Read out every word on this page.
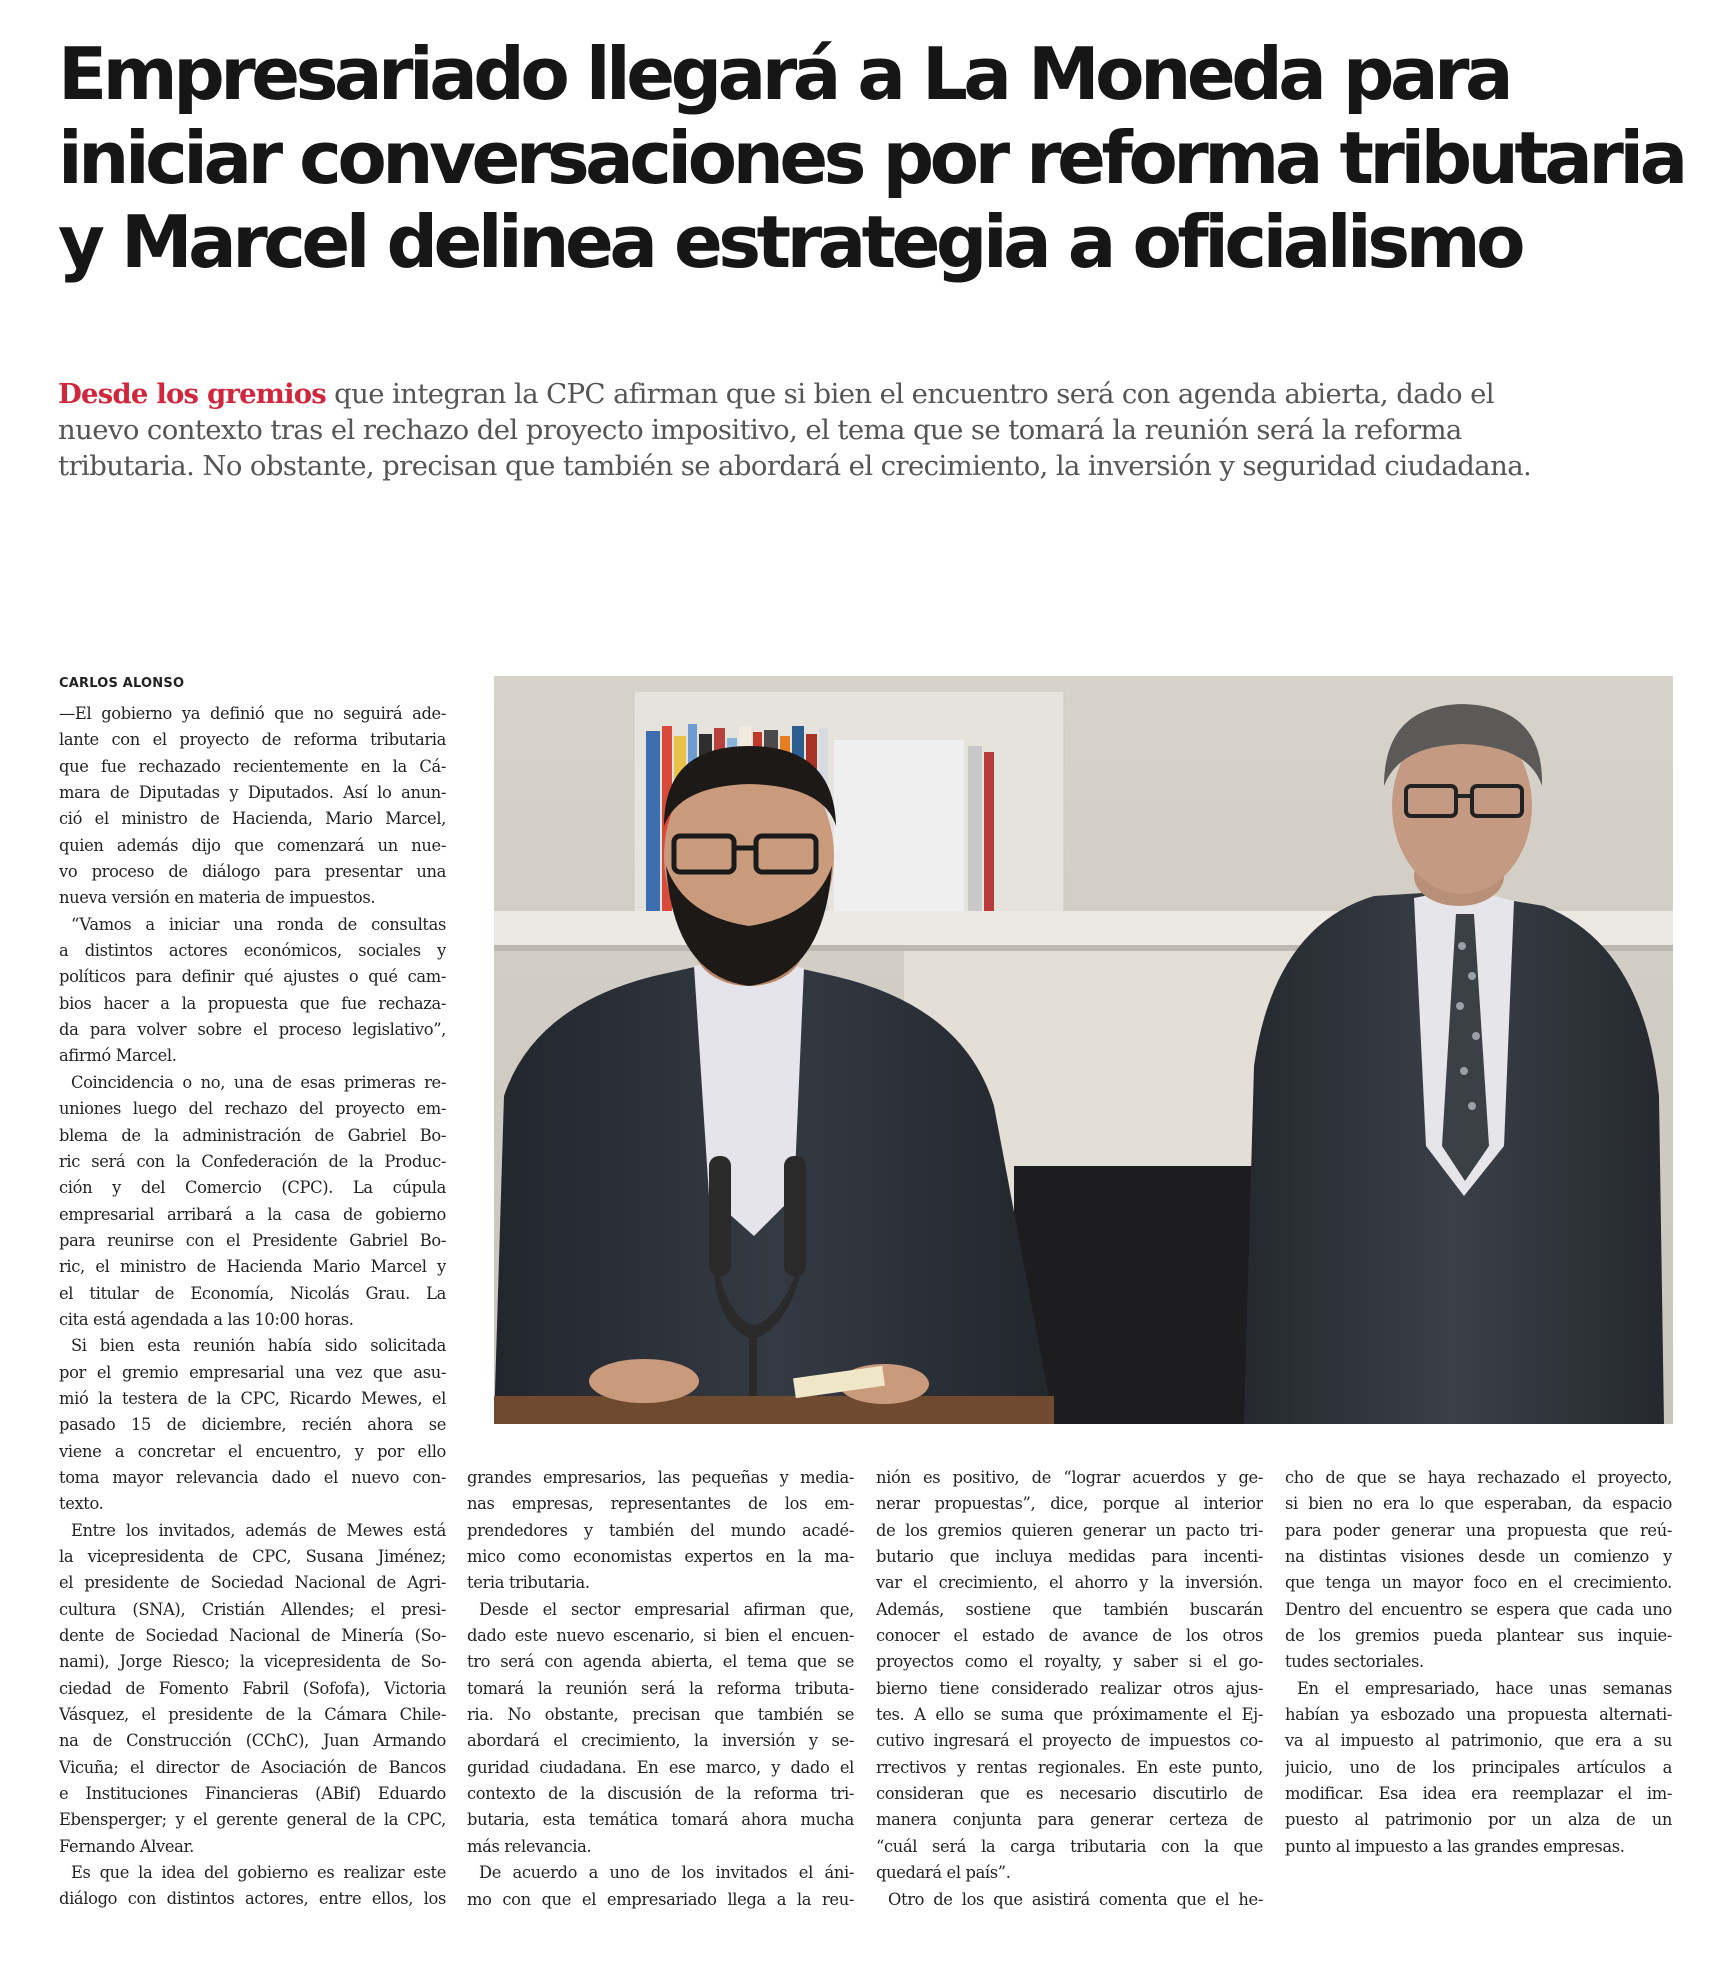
Empresariado llegará a La Moneda para
iniciar conversaciones por reforma tributaria
y Marcel delinea estrategia a oficialismo

Desde los gremios que integran la CPC afirman que si bien el encuentro será con agenda abierta, dado el
nuevo contexto tras el rechazo del proyecto impositivo, el tema que se tomará la reunión será la reforma
tributaria. No obstante, precisan que también se abordará el crecimiento, la inversión y seguridad ciudadana.

CARLOS ALONSO
—El gobierno ya definió que no seguirá ade-
lante con el proyecto de reforma tributaria
que fue rechazado recientemente en la Cá-
mara de Diputadas y Diputados. Así lo anun-
ció el ministro de Hacienda, Mario Marcel,
quien además dijo que comenzará un nue-
vo proceso de diálogo para presentar una
nueva versión en materia de impuestos.
“Vamos a iniciar una ronda de consultas
a distintos actores económicos, sociales y
políticos para definir qué ajustes o qué cam-
bios hacer a la propuesta que fue rechaza-
da para volver sobre el proceso legislativo”,
afirmó Marcel.
Coincidencia o no, una de esas primeras re-
uniones luego del rechazo del proyecto em-
blema de la administración de Gabriel Bo-
ric será con la Confederación de la Produc-
ción y del Comercio (CPC). La cúpula
empresarial arribará a la casa de gobierno
para reunirse con el Presidente Gabriel Bo-
ric, el ministro de Hacienda Mario Marcel y
el titular de Economía, Nicolás Grau. La
cita está agendada a las 10:00 horas.
Si bien esta reunión había sido solicitada
por el gremio empresarial una vez que asu-
mió la testera de la CPC, Ricardo Mewes, el
pasado 15 de diciembre, recién ahora se
viene a concretar el encuentro, y por ello
toma mayor relevancia dado el nuevo con-
texto.
Entre los invitados, además de Mewes está
la vicepresidenta de CPC, Susana Jiménez;
el presidente de Sociedad Nacional de Agri-
cultura (SNA), Cristián Allendes; el presi-
dente de Sociedad Nacional de Minería (So-
nami), Jorge Riesco; la vicepresidenta de So-
ciedad de Fomento Fabril (Sofofa), Victoria
Vásquez, el presidente de la Cámara Chile-
na de Construcción (CChC), Juan Armando
Vicuña; el director de Asociación de Bancos
e Instituciones Financieras (ABif) Eduardo
Ebensperger; y el gerente general de la CPC,
Fernando Alvear.
Es que la idea del gobierno es realizar este
diálogo con distintos actores, entre ellos, los
grandes empresarios, las pequeñas y media-
nas empresas, representantes de los em-
prendedores y también del mundo acadé-
mico como economistas expertos en la ma-
teria tributaria.
Desde el sector empresarial afirman que,
dado este nuevo escenario, si bien el encuen-
tro será con agenda abierta, el tema que se
tomará la reunión será la reforma tributa-
ria. No obstante, precisan que también se
abordará el crecimiento, la inversión y se-
guridad ciudadana. En ese marco, y dado el
contexto de la discusión de la reforma tri-
butaria, esta temática tomará ahora mucha
más relevancia.
De acuerdo a uno de los invitados el áni-
mo con que el empresariado llega a la reu-
nión es positivo, de “lograr acuerdos y ge-
nerar propuestas”, dice, porque al interior
de los gremios quieren generar un pacto tri-
butario que incluya medidas para incenti-
var el crecimiento, el ahorro y la inversión.
Además, sostiene que también buscarán
conocer el estado de avance de los otros
proyectos como el royalty, y saber si el go-
bierno tiene considerado realizar otros ajus-
tes. A ello se suma que próximamente el Ej-
cutivo ingresará el proyecto de impuestos co-
rrectivos y rentas regionales. En este punto,
consideran que es necesario discutirlo de
manera conjunta para generar certeza de
“cuál será la carga tributaria con la que
quedará el país”.
Otro de los que asistirá comenta que el he-
cho de que se haya rechazado el proyecto,
si bien no era lo que esperaban, da espacio
para poder generar una propuesta que reú-
na distintas visiones desde un comienzo y
que tenga un mayor foco en el crecimiento.
Dentro del encuentro se espera que cada uno
de los gremios pueda plantear sus inquie-
tudes sectoriales.
En el empresariado, hace unas semanas
habían ya esbozado una propuesta alternati-
va al impuesto al patrimonio, que era a su
juicio, uno de los principales artículos a
modificar. Esa idea era reemplazar el im-
puesto al patrimonio por un alza de un
punto al impuesto a las grandes empresas.
